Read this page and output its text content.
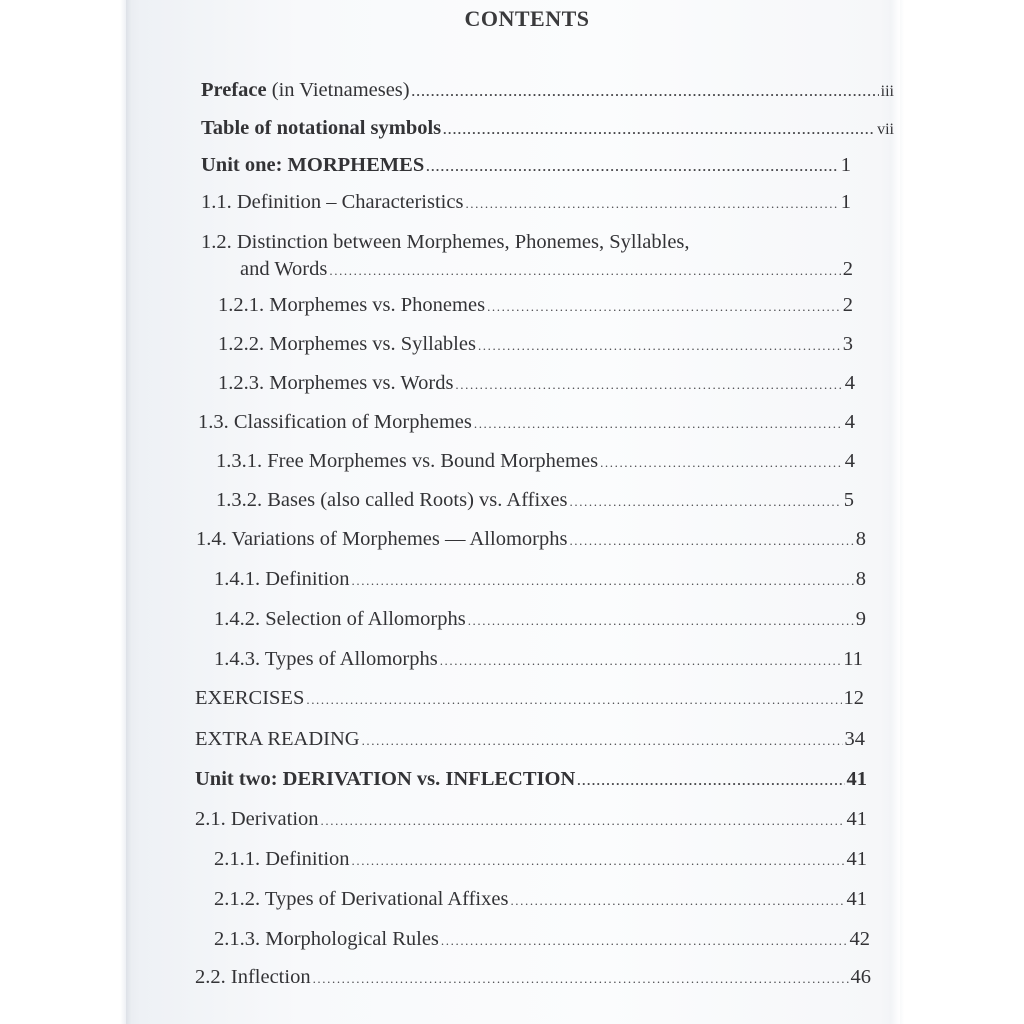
CONTENTS
Preface (in Vietnameses) .....	iii
Table of notational symbols .....	vii
Unit one: MORPHEMES .....	1
1.1. Definition – Characteristics .....	1
1.2. Distinction between Morphemes, Phonemes, Syllables,
and Words .....	2
1.2.1. Morphemes vs. Phonemes .....	2
1.2.2. Morphemes vs. Syllables .....	3
1.2.3. Morphemes vs. Words .....	4
1.3. Classification of Morphemes .....	4
1.3.1. Free Morphemes vs. Bound Morphemes .....	4
1.3.2. Bases (also called Roots) vs. Affixes .....	5
1.4. Variations of Morphemes — Allomorphs .....	8
1.4.1. Definition .....	8
1.4.2. Selection of Allomorphs .....	9
1.4.3. Types of Allomorphs .....	11
EXERCISES .....	12
EXTRA READING .....	34
Unit two: DERIVATION vs. INFLECTION .....	41
2.1. Derivation .....	41
2.1.1. Definition .....	41
2.1.2. Types of Derivational Affixes .....	41
2.1.3. Morphological Rules .....	42
2.2. Inflection .....	46
